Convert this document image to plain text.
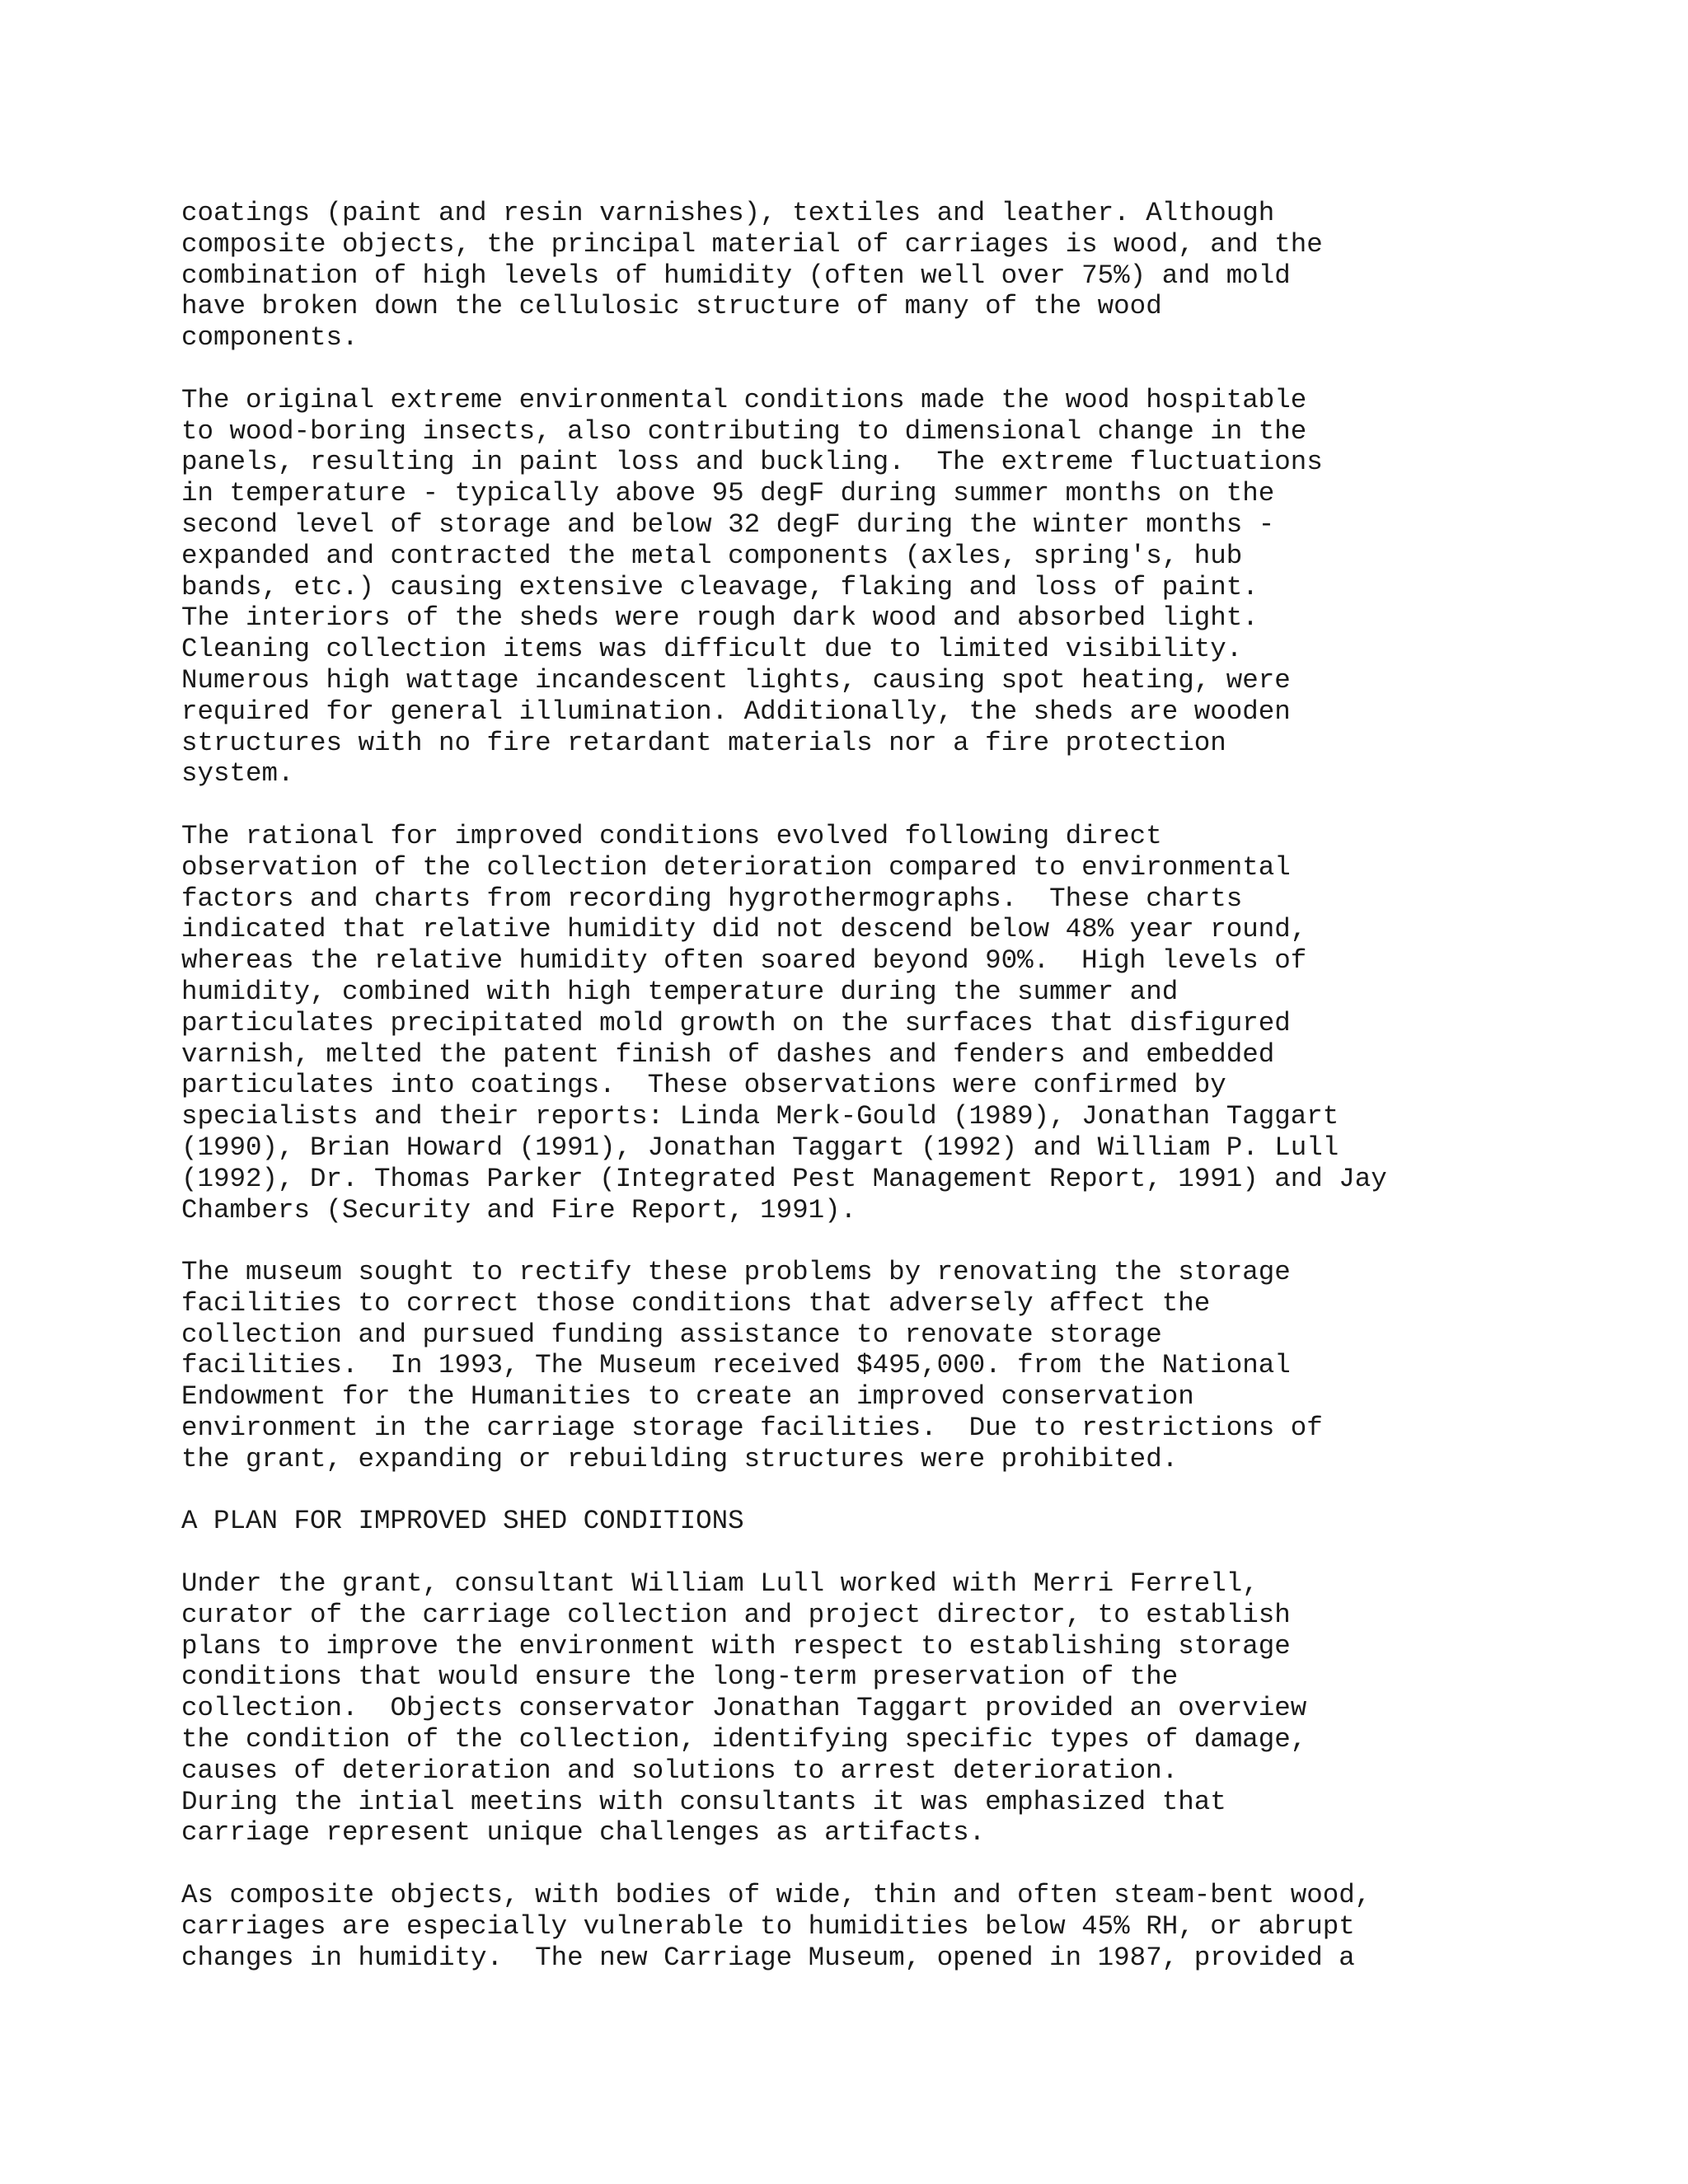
coatings (paint and resin varnishes), textiles and leather. Although
composite objects, the principal material of carriages is wood, and the
combination of high levels of humidity (often well over 75%) and mold
have broken down the cellulosic structure of many of the wood
components.
The original extreme environmental conditions made the wood hospitable
to wood-boring insects, also contributing to dimensional change in the
panels, resulting in paint loss and buckling.  The extreme fluctuations
in temperature - typically above 95 degF during summer months on the
second level of storage and below 32 degF during the winter months -
expanded and contracted the metal components (axles, spring's, hub
bands, etc.) causing extensive cleavage, flaking and loss of paint.
The interiors of the sheds were rough dark wood and absorbed light.
Cleaning collection items was difficult due to limited visibility.
Numerous high wattage incandescent lights, causing spot heating, were
required for general illumination. Additionally, the sheds are wooden
structures with no fire retardant materials nor a fire protection
system.
The rational for improved conditions evolved following direct
observation of the collection deterioration compared to environmental
factors and charts from recording hygrothermographs.  These charts
indicated that relative humidity did not descend below 48% year round,
whereas the relative humidity often soared beyond 90%.  High levels of
humidity, combined with high temperature during the summer and
particulates precipitated mold growth on the surfaces that disfigured
varnish, melted the patent finish of dashes and fenders and embedded
particulates into coatings.  These observations were confirmed by
specialists and their reports: Linda Merk-Gould (1989), Jonathan Taggart
(1990), Brian Howard (1991), Jonathan Taggart (1992) and William P. Lull
(1992), Dr. Thomas Parker (Integrated Pest Management Report, 1991) and Jay
Chambers (Security and Fire Report, 1991).
The museum sought to rectify these problems by renovating the storage
facilities to correct those conditions that adversely affect the
collection and pursued funding assistance to renovate storage
facilities.  In 1993, The Museum received $495,000. from the National
Endowment for the Humanities to create an improved conservation
environment in the carriage storage facilities.  Due to restrictions of
the grant, expanding or rebuilding structures were prohibited.
A PLAN FOR IMPROVED SHED CONDITIONS
Under the grant, consultant William Lull worked with Merri Ferrell,
curator of the carriage collection and project director, to establish
plans to improve the environment with respect to establishing storage
conditions that would ensure the long-term preservation of the
collection.  Objects conservator Jonathan Taggart provided an overview
the condition of the collection, identifying specific types of damage,
causes of deterioration and solutions to arrest deterioration.
During the intial meetins with consultants it was emphasized that
carriage represent unique challenges as artifacts.
As composite objects, with bodies of wide, thin and often steam-bent wood,
carriages are especially vulnerable to humidities below 45% RH, or abrupt
changes in humidity.  The new Carriage Museum, opened in 1987, provided a
